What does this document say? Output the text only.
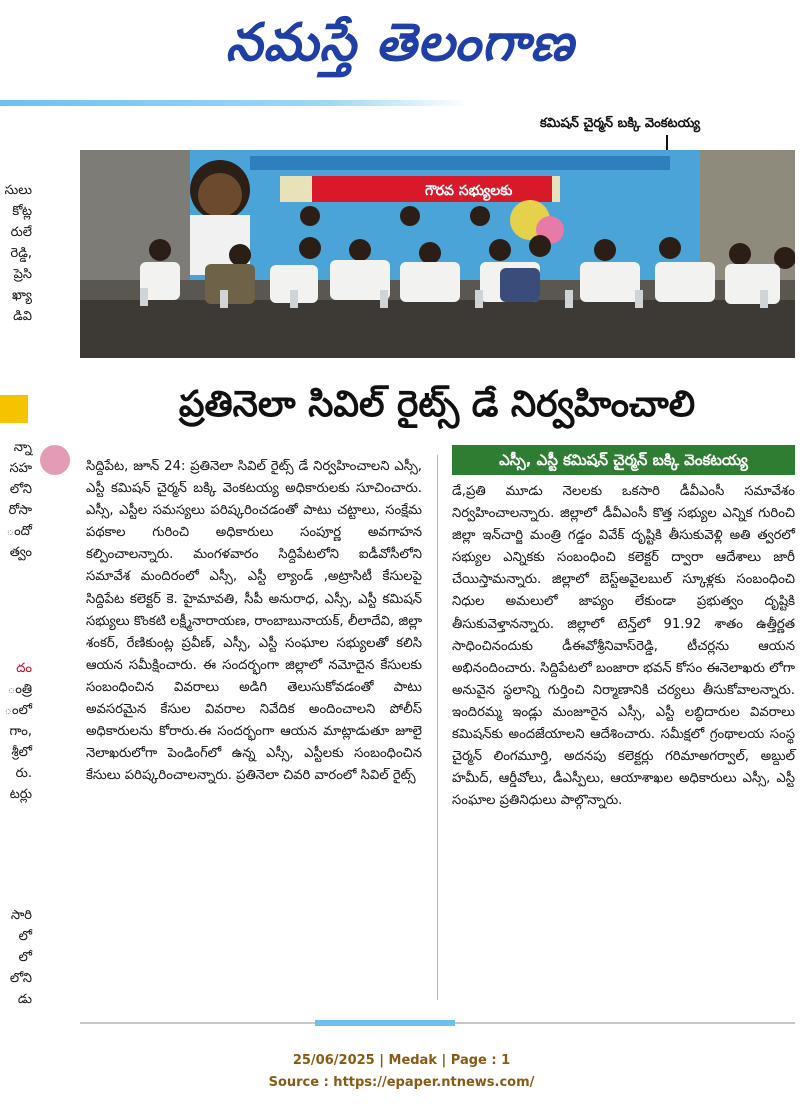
నమస్తే తెలంగాణ

కమిషన్ చైర్మన్ బక్కి వెంకటయ్య
గౌరవ సభ్యులకు
సులు
కోట్ల
రులే
రెడ్డి,
ప్రెసి
ఖ్యా
డివి
న్నా
సహ
లోని
రోసా
ందో
త్వం
దం
ంత్రి
ంలో
గాం,
శ్రీలో
రు.
టర్లు
సారి
లో
లో
లోని
డు
ప్రతినెలా సివిల్ రైట్స్ డే నిర్వహించాలి
ఎస్సీ, ఎస్టీ కమిషన్ చైర్మన్ బక్కి వెంకటయ్య

సిద్దిపేట, జూన్ 24: ప్రతినెలా సివిల్ రైట్స్ డే నిర్వహించాలని ఎస్సీ, ఎస్టీ కమిషన్ చైర్మన్ బక్కి వెంకటయ్య అధికారులకు సూచించారు. ఎస్సీ, ఎస్టీల సమస్యలు పరిష్కరించడంతో పాటు చట్టాలు, సంక్షేమ పథకాల గురించి అధికారులు సంపూర్ణ అవగాహన కల్పించాలన్నారు. మంగళవారం సిద్దిపేటలోని ఐడీవోసీలోని సమావేశ మందిరంలో ఎస్సీ, ఎస్టీ ల్యాండ్ ,అట్రాసిటీ కేసులపై సిద్దిపేట కలెక్టర్ కె. హైమావతి, సీపీ అనురాధ, ఎస్సీ, ఎస్టీ కమిషన్ సభ్యులు కొంకటి లక్ష్మీనారాయణ, రాంబాబునాయక్, లీలాదేవి, జిల్లా శంకర్, రేణికుంట్ల ప్రవీణ్, ఎస్సీ, ఎస్టీ సంఘాల సభ్యులతో కలిసి ఆయన సమీక్షించారు. ఈ సందర్భంగా జిల్లాలో నమోదైన కేసులకు సంబంధించిన వివరాలు అడిగి తెలుసుకోవడంతో పాటు అవసరమైన కేసుల వివరాల నివేదిక అందించాలని పోలీస్ అధికారులను కోరారు.ఈ సందర్భంగా ఆయన మాట్లాడుతూ జూలై నెలాఖరులోగా పెండింగ్‌లో ఉన్న ఎస్సీ, ఎస్టీలకు సంబంధించిన కేసులు పరిష్కరించాలన్నారు. ప్రతినెలా చివరి వారంలో సివిల్ రైట్స్

డే,ప్రతి మూడు నెలలకు ఒకసారి డీవీఎంసీ సమావేశం నిర్వహించాలన్నారు. జిల్లాలో డీవీఎంసీ కొత్త సభ్యుల ఎన్నిక గురించి జిల్లా ఇన్‌చార్జి మంత్రి గడ్డం వివేక్ దృష్టికి తీసుకువెళ్లి అతి త్వరలో సభ్యుల ఎన్నికకు సంబంధించి కలెక్టర్ ద్వారా ఆదేశాలు జారీ చేయిస్తామన్నారు. జిల్లాలో బెస్ట్‌అవైలబుల్ స్కూళ్లకు సంబంధించి నిధుల అమలులో జాప్యం లేకుండా ప్రభుత్వం దృష్టికి తీసుకువెళ్తానన్నారు. జిల్లాలో టెన్త్‌లో 91.92 శాతం ఉత్తీర్ణత సాధించినందుకు డీఈవోశ్రీనివాస్‌రెడ్డి, టీచర్లను ఆయన అభినందించారు. సిద్దిపేటలో బంజారా భవన్ కోసం ఈనెలాఖరు లోగా అనువైన స్థలాన్ని గుర్తించి నిర్మాణానికి చర్యలు తీసుకోవాలన్నారు. ఇందిరమ్మ ఇండ్లు మంజూరైన ఎస్సీ, ఎస్టీ లబ్ధిదారుల వివరాలు కమిషన్‌కు అందజేయాలని ఆదేశించారు. సమీక్షలో గ్రంథాలయ సంస్థ చైర్మన్ లింగమూర్తి, అదనపు కలెక్టర్లు గరిమాఅగర్వాల్, అబ్దుల్ హమీద్, ఆర్డీవోలు, డీఎస్పీలు, ఆయాశాఖల అధికారులు ఎస్సీ, ఎస్టీ సంఘాల ప్రతినిధులు పాల్గొన్నారు.

25/06/2025 | Medak | Page : 1
Source : https://epaper.ntnews.com/
